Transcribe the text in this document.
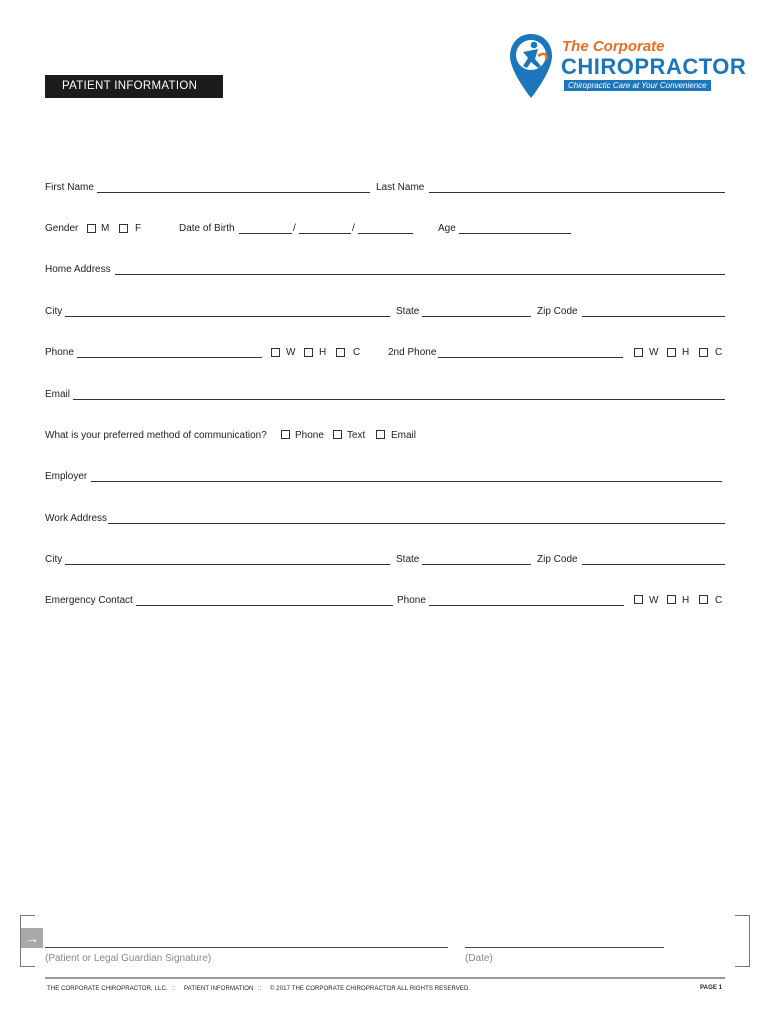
PATIENT INFORMATION
The Corporate
CHIROPRACTOR
Chiropractic Care at Your Convenience
First Name	Last Name
Gender M	F	Date of Birth	/	/	Age
Home Address
City	State	Zip Code
Phone	W H	C	2nd Phone	W H	C
Email
What is your preferred method of communication?	Phone Text	Email
Employer
Work Address
City	State	Zip Code
Emergency Contact	Phone	W H	C
→
(Patient or Legal Guardian Signature)	(Date)
THE CORPORATE CHIROPRACTOR, LLC. :: PATIENT INFORMATION :: © 2017 THE CORPORATE CHIROPRACTOR ALL RIGHTS RESERVED.	PAGE 1
